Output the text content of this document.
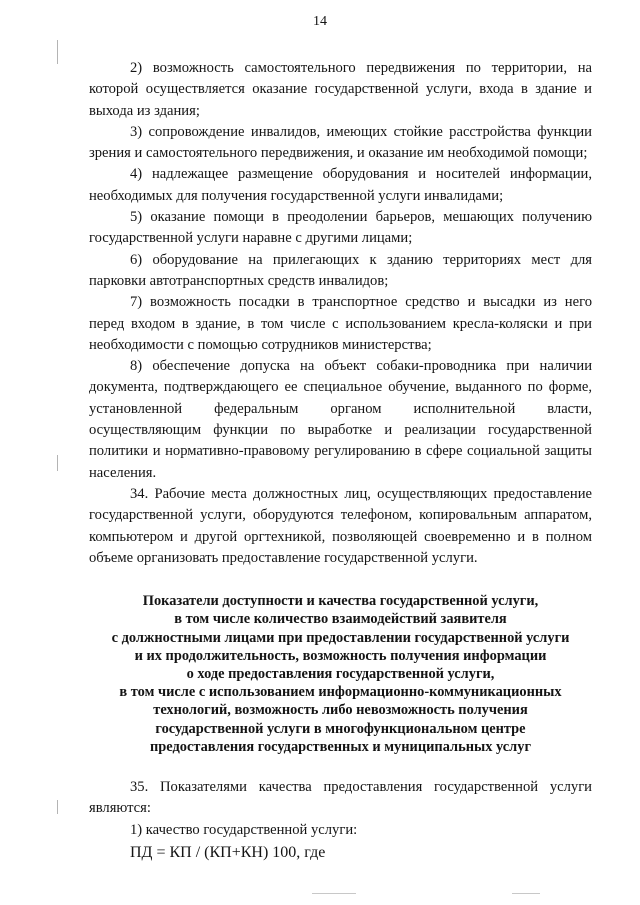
14

2) возможность самостоятельного передвижения по территории, на которой осуществляется оказание государственной услуги, входа в здание и выхода из здания;

3) сопровождение инвалидов, имеющих стойкие расстройства функции зрения и самостоятельного передвижения, и оказание им необходимой помощи;

4) надлежащее размещение оборудования и носителей информации, необходимых для получения государственной услуги инвалидами;

5) оказание помощи в преодолении барьеров, мешающих получению государственной услуги наравне с другими лицами;

6) оборудование на прилегающих к зданию территориях мест для парковки автотранспортных средств инвалидов;

7) возможность посадки в транспортное средство и высадки из него перед входом в здание, в том числе с использованием кресла-коляски и при необходимости с помощью сотрудников министерства;

8) обеспечение допуска на объект собаки-проводника при наличии документа, подтверждающего ее специальное обучение, выданного по форме, установленной федеральным органом исполнительной власти, осуществляющим функции по выработке и реализации государственной политики и нормативно-правовому регулированию в сфере социальной защиты населения.

34. Рабочие места должностных лиц, осуществляющих предоставление государственной услуги, оборудуются телефоном, копировальным аппаратом, компьютером и другой оргтехникой, позволяющей своевременно и в полном объеме организовать предоставление государственной услуги.

Показатели доступности и качества государственной услуги,
в том числе количество взаимодействий заявителя
с должностными лицами при предоставлении государственной услуги
и их продолжительность, возможность получения информации
о ходе предоставления государственной услуги,
в том числе с использованием информационно-коммуникационных
технологий, возможность либо невозможность получения
государственной услуги в многофункциональном центре
предоставления государственных и муниципальных услуг

35. Показателями качества предоставления государственной услуги являются:

1) качество государственной услуги:

ПД = КП / (КП+КН) 100, где
